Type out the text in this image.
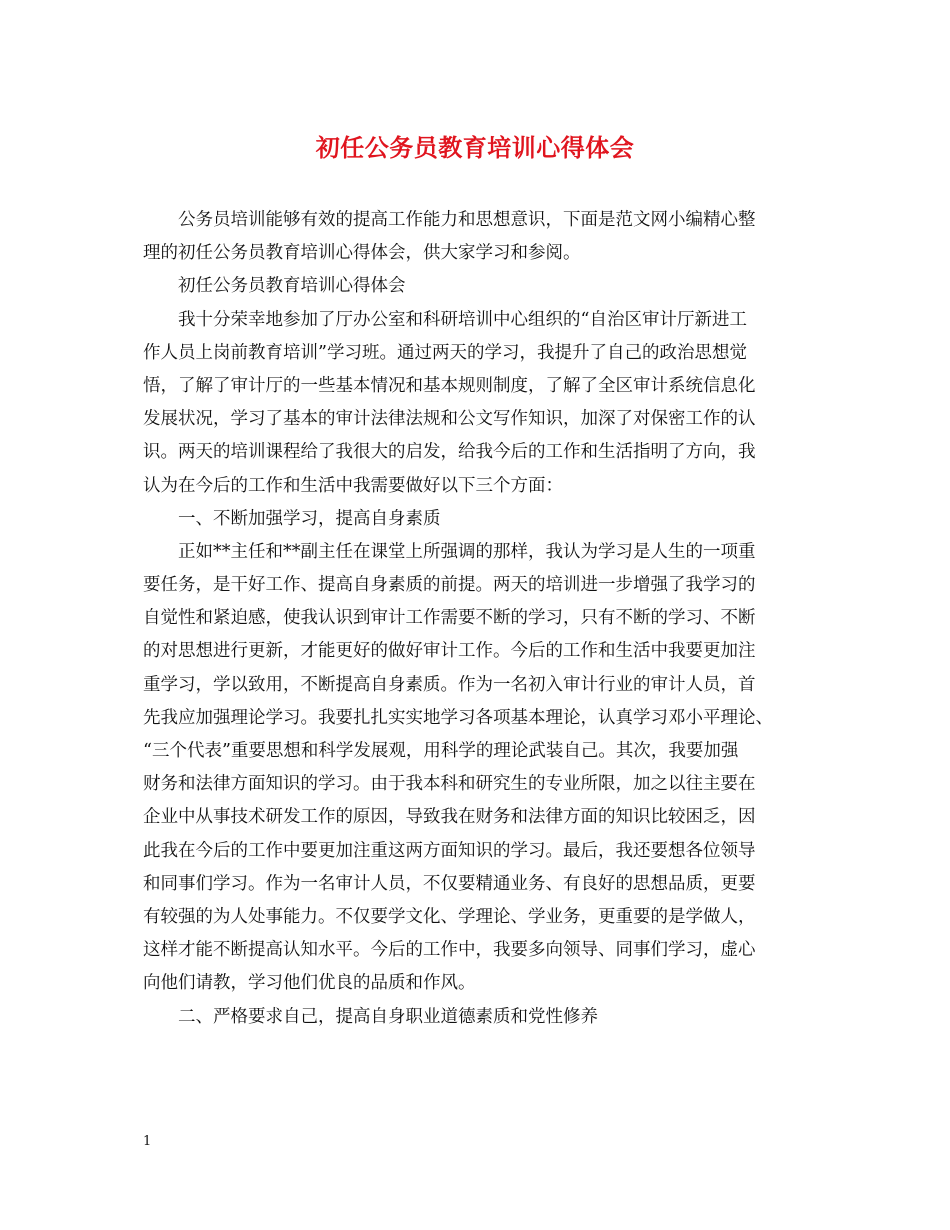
初任公务员教育培训心得体会
公务员培训能够有效的提高工作能力和思想意识，下面是范文网小编精心整
理的初任公务员教育培训心得体会，供大家学习和参阅。
初任公务员教育培训心得体会
我十分荣幸地参加了厅办公室和科研培训中心组织的“自治区审计厅新进工
作人员上岗前教育培训”学习班。通过两天的学习，我提升了自己的政治思想觉
悟，了解了审计厅的一些基本情况和基本规则制度，了解了全区审计系统信息化
发展状况，学习了基本的审计法律法规和公文写作知识，加深了对保密工作的认
识。两天的培训课程给了我很大的启发，给我今后的工作和生活指明了方向，我
认为在今后的工作和生活中我需要做好以下三个方面：
一、不断加强学习，提高自身素质
正如**主任和**副主任在课堂上所强调的那样，我认为学习是人生的一项重
要任务，是干好工作、提高自身素质的前提。两天的培训进一步增强了我学习的
自觉性和紧迫感，使我认识到审计工作需要不断的学习，只有不断的学习、不断
的对思想进行更新，才能更好的做好审计工作。今后的工作和生活中我要更加注
重学习，学以致用，不断提高自身素质。作为一名初入审计行业的审计人员，首
先我应加强理论学习。我要扎扎实实地学习各项基本理论，认真学习邓小平理论、
“三个代表”重要思想和科学发展观，用科学的理论武装自己。其次，我要加强
财务和法律方面知识的学习。由于我本科和研究生的专业所限，加之以往主要在
企业中从事技术研发工作的原因，导致我在财务和法律方面的知识比较困乏，因
此我在今后的工作中要更加注重这两方面知识的学习。最后，我还要想各位领导
和同事们学习。作为一名审计人员，不仅要精通业务、有良好的思想品质，更要
有较强的为人处事能力。不仅要学文化、学理论、学业务，更重要的是学做人，
这样才能不断提高认知水平。今后的工作中，我要多向领导、同事们学习，虚心
向他们请教，学习他们优良的品质和作风。
二、严格要求自己，提高自身职业道德素质和党性修养
1
